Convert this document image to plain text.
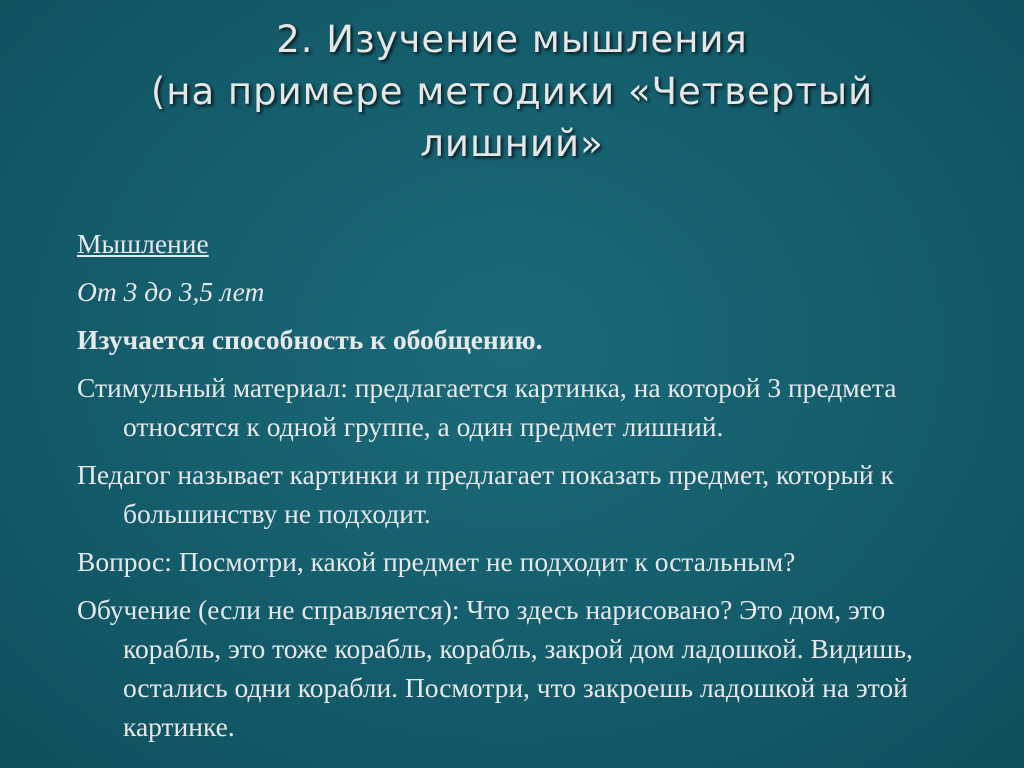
2. Изучение мышления
(на примере методики «Четвертый
лишний»

Мышление

От 3 до 3,5 лет

Изучается способность к обобщению.

Стимульный материал: предлагается картинка, на которой 3 предмета относятся к одной группе, а один предмет лишний.

Педагог называет картинки и предлагает показать предмет, который к большинству не подходит.

Вопрос: Посмотри, какой предмет не подходит к остальным?

Обучение (если не справляется): Что здесь нарисовано? Это дом, это корабль, это тоже корабль, корабль, закрой дом ладошкой. Видишь, остались одни корабли. Посмотри, что закроешь ладошкой на этой картинке.
